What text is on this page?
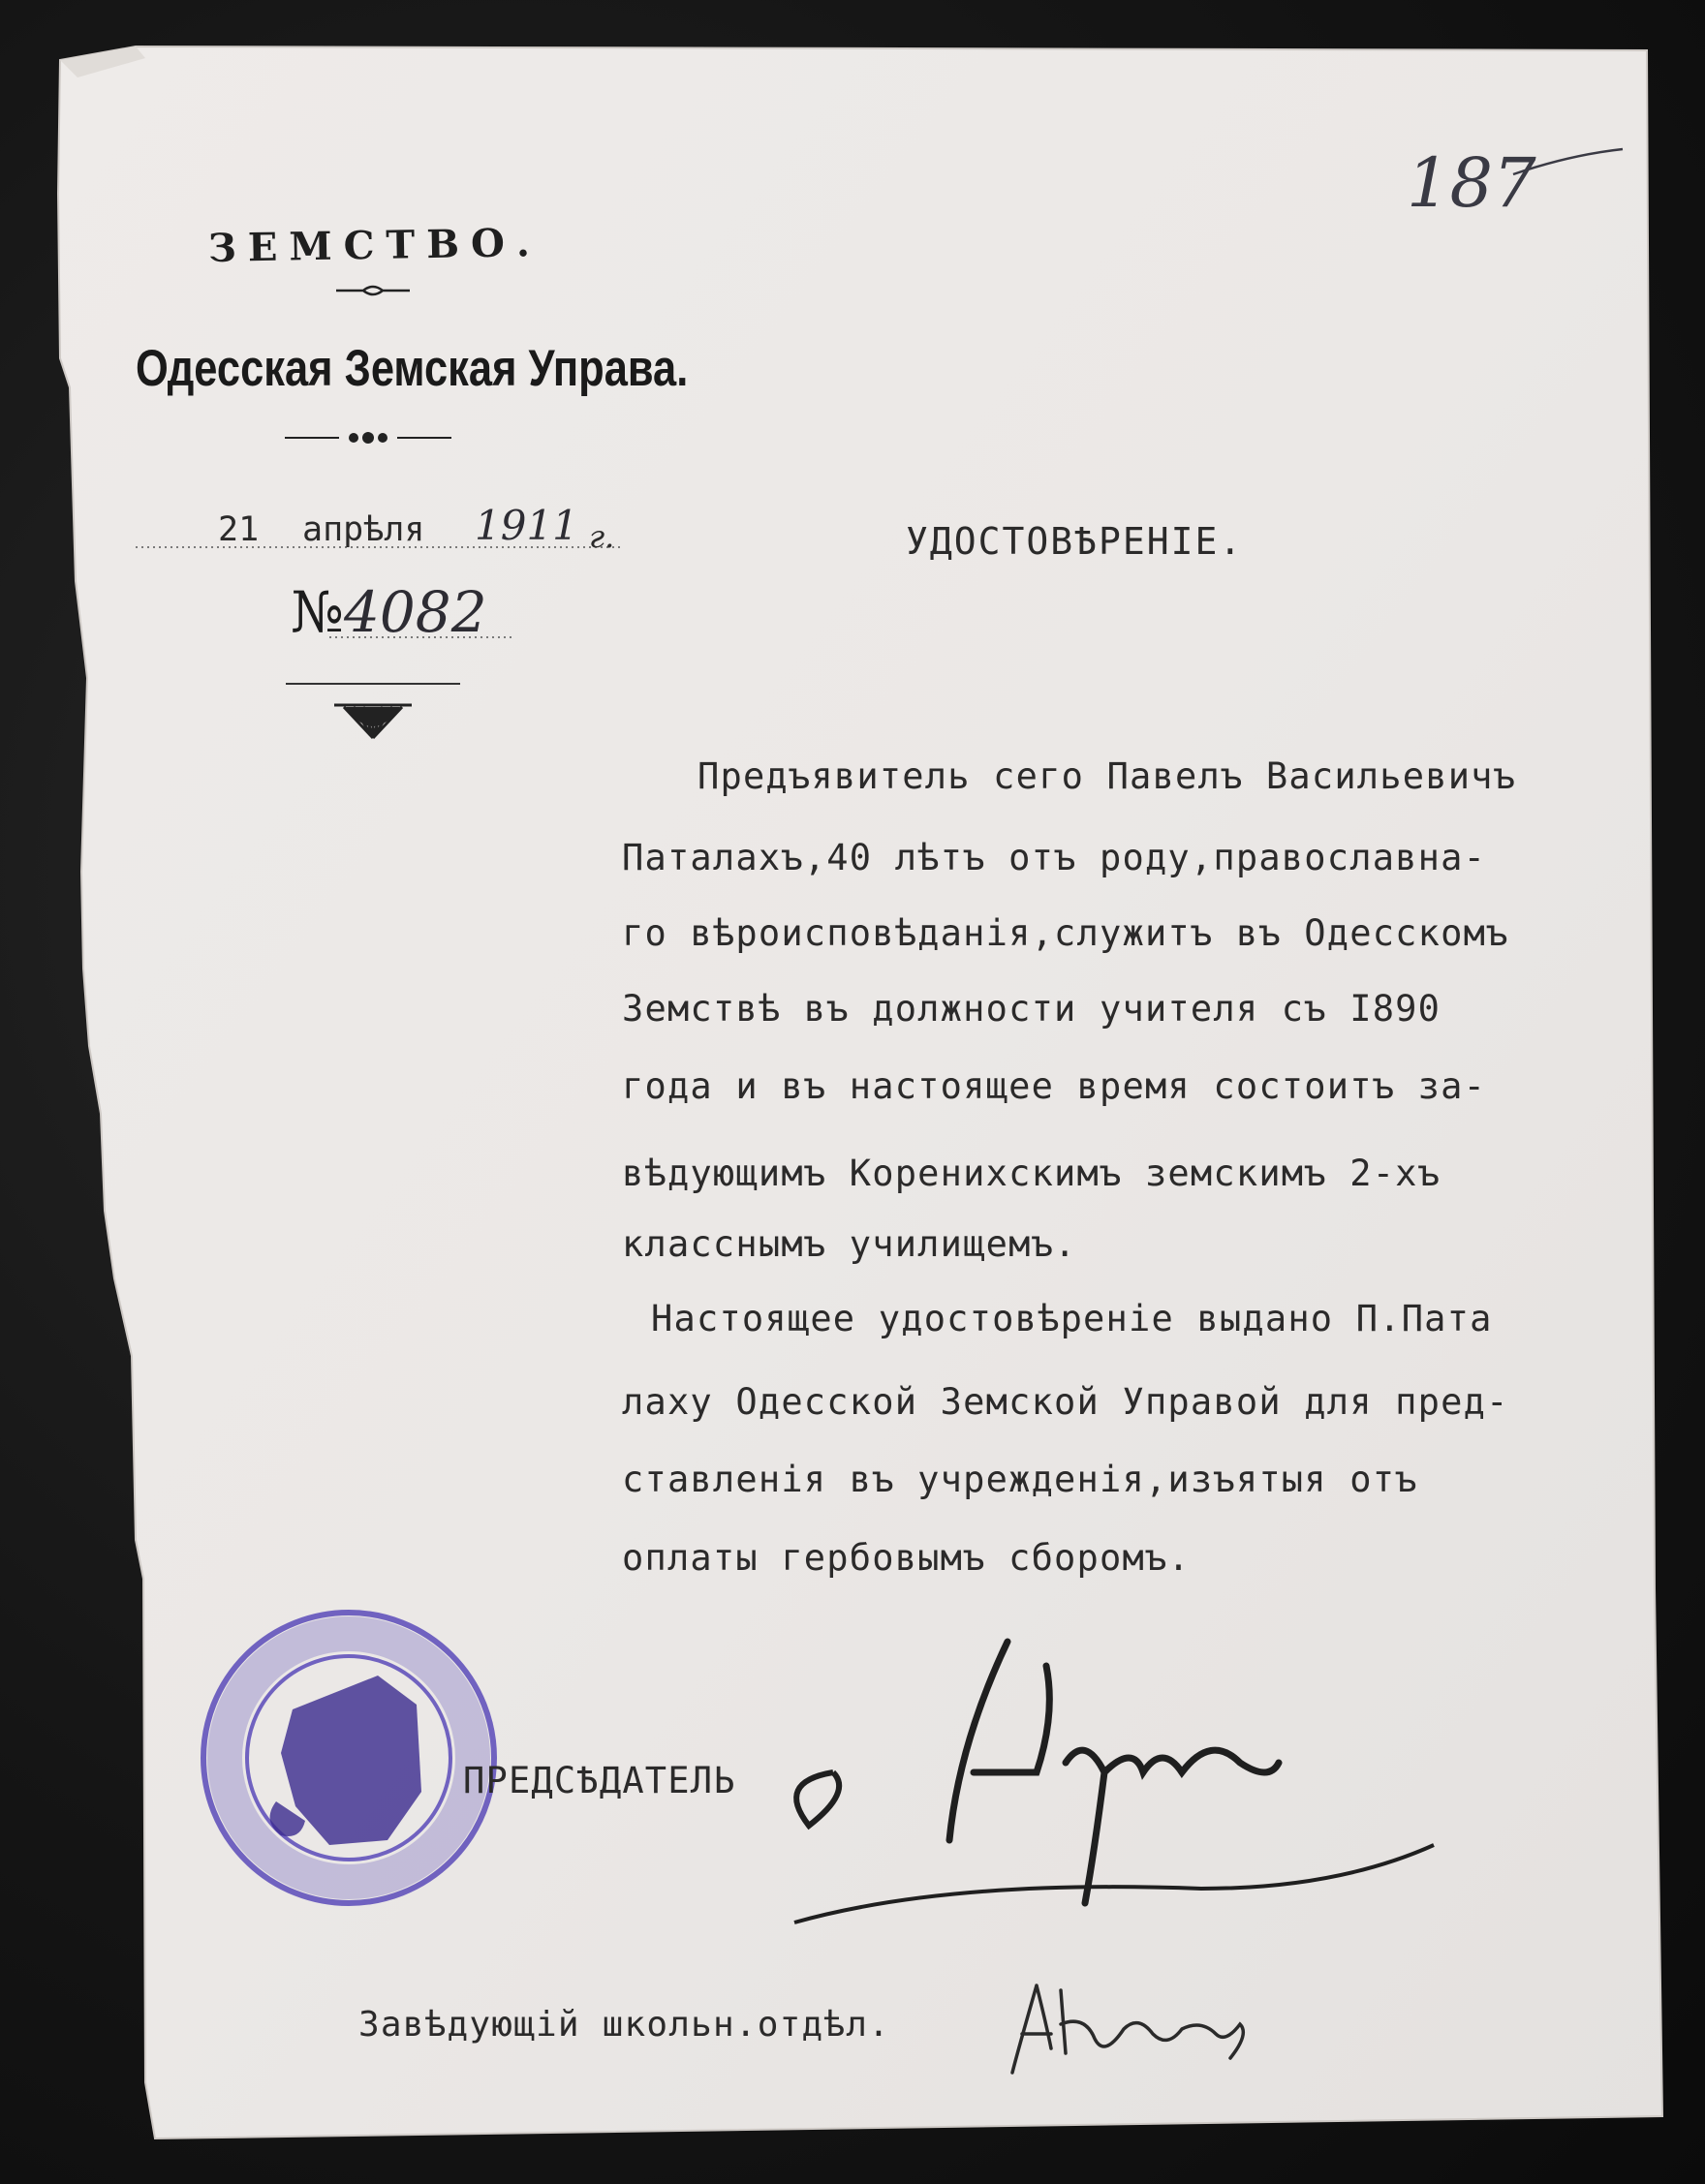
ЗЕМСТВО.
Одесская Земская Управа.
21 апрѣля 1911 г.
№ 4082
187
УДОСТОВѢРЕНIЕ.
Предъявитель сего Павелъ Васильевичъ
Паталахъ,40 лѣтъ отъ роду,православна-
го вѣроисповѣданiя,служитъ въ Одесскомъ
Земствѣ въ должности учителя съ I890
года и въ настоящее время состоитъ за-
вѣдующимъ Коренихскимъ земскимъ 2-хъ
класснымъ училищемъ.
Настоящее удостовѣренiе выдано П.Пата
лаху Одесской Земской Управой для пред-
ставленiя въ учрежденiя,изъятыя отъ
оплаты гербовымъ сборомъ.
ПРЕДСѢДАТЕЛЬ
Завѣдующiй школьн.отдѣл.
